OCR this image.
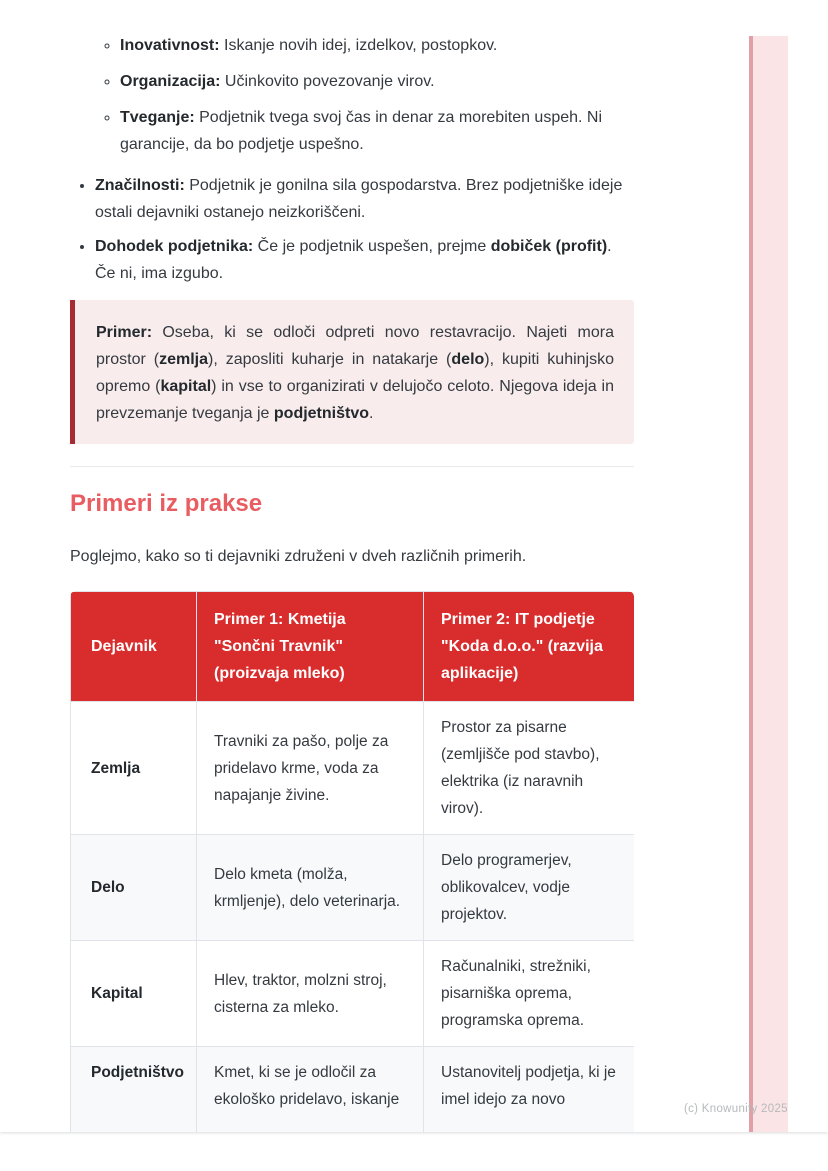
◦ Inovativnost: Iskanje novih idej, izdelkov, postopkov.
◦ Organizacija: Učinkovito povezovanje virov.
◦ Tveganje: Podjetnik tvega svoj čas in denar za morebiten uspeh. Ni garancije, da bo podjetje uspešno.
• Značilnosti: Podjetnik je gonilna sila gospodarstva. Brez podjetniške ideje ostali dejavniki ostanejo neizkoriščeni.
• Dohodek podjetnika: Če je podjetnik uspešen, prejme dobiček (profit). Če ni, ima izgubo.
Primer: Oseba, ki se odloči odpreti novo restavracijo. Najeti mora prostor (zemlja), zaposliti kuharje in natakarje (delo), kupiti kuhinjsko opremo (kapital) in vse to organizirati v delujočo celoto. Njegova ideja in prevzemanje tveganja je podjetništvo.
Primeri iz prakse

Poglejmo, kako so ti dejavniki združeni v dveh različnih primerih.

Dejavnik	Primer 1: Kmetija "Sončni Travnik" (proizvaja mleko)	Primer 2: IT podjetje "Koda d.o.o." (razvija aplikacije)
Zemlja	Travniki za pašo, polje za pridelavo krme, voda za napajanje živine.	Prostor za pisarne (zemljišče pod stavbo), elektrika (iz naravnih virov).
Delo	Delo kmeta (molža, krmljenje), delo veterinarja.	Delo programerjev, oblikovalcev, vodje projektov.
Kapital	Hlev, traktor, molzni stroj, cisterna za mleko.	Računalniki, strežniki, pisarniška oprema, programska oprema.
Podjetništvo	Kmet, ki se je odločil za ekološko pridelavo, iskanje	Ustanovitelj podjetja, ki je imel idejo za novo
(c) Knowunity 2025
